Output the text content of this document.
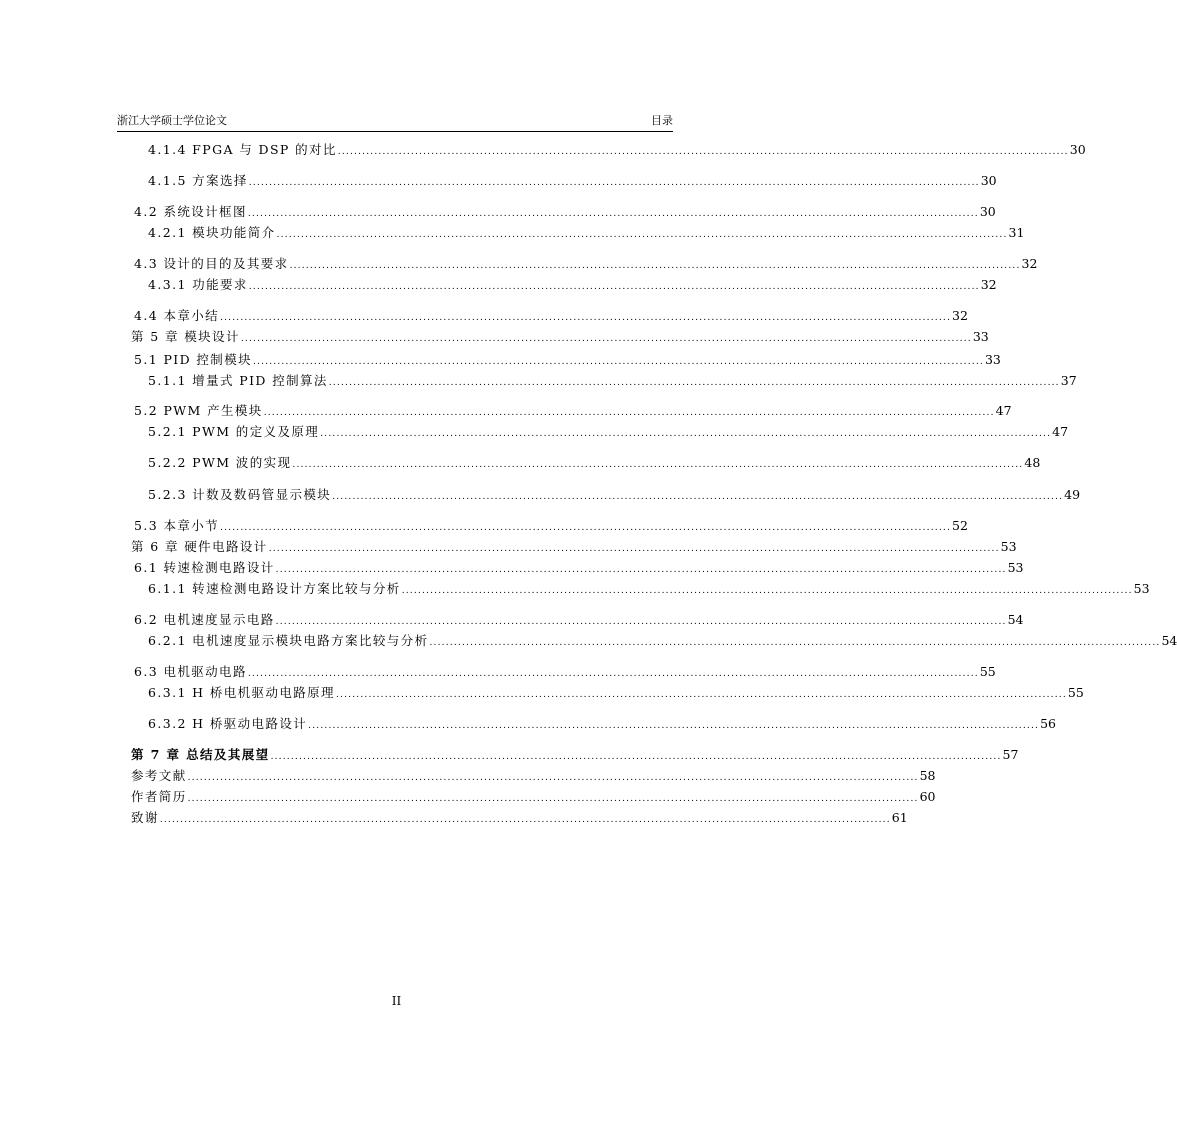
浙江大学硕士学位论文	目录
4.1.4 FPGA 与 DSP 的对比 .................................................................................................................................................................................... 30
4.1.5 方案选择 .................................................................................................................................................................................... 30
4.2 系统设计框图 .................................................................................................................................................................................... 30
4.2.1 模块功能简介 .................................................................................................................................................................................... 31
4.3 设计的目的及其要求 .................................................................................................................................................................................... 32
4.3.1 功能要求 .................................................................................................................................................................................... 32
4.4 本章小结 .................................................................................................................................................................................... 32
第 5 章 模块设计 .................................................................................................................................................................................... 33
5.1 PID 控制模块 .................................................................................................................................................................................... 33
5.1.1 增量式 PID 控制算法 .................................................................................................................................................................................... 37
5.2 PWM 产生模块 .................................................................................................................................................................................... 47
5.2.1 PWM 的定义及原理 .................................................................................................................................................................................... 47
5.2.2 PWM 波的实现 .................................................................................................................................................................................... 48
5.2.3 计数及数码管显示模块 .................................................................................................................................................................................... 49
5.3 本章小节 .................................................................................................................................................................................... 52
第 6 章 硬件电路设计 .................................................................................................................................................................................... 53
6.1 转速检测电路设计 .................................................................................................................................................................................... 53
6.1.1 转速检测电路设计方案比较与分析 .................................................................................................................................................................................... 53
6.2 电机速度显示电路 .................................................................................................................................................................................... 54
6.2.1 电机速度显示模块电路方案比较与分析 .................................................................................................................................................................................... 54
6.3 电机驱动电路 .................................................................................................................................................................................... 55
6.3.1 H 桥电机驱动电路原理 .................................................................................................................................................................................... 55
6.3.2 H 桥驱动电路设计 .................................................................................................................................................................................... 56
第 7 章 总结及其展望 .................................................................................................................................................................................... 57
参考文献 .................................................................................................................................................................................... 58
作者简历 .................................................................................................................................................................................... 60
致谢 .................................................................................................................................................................................... 61
II
